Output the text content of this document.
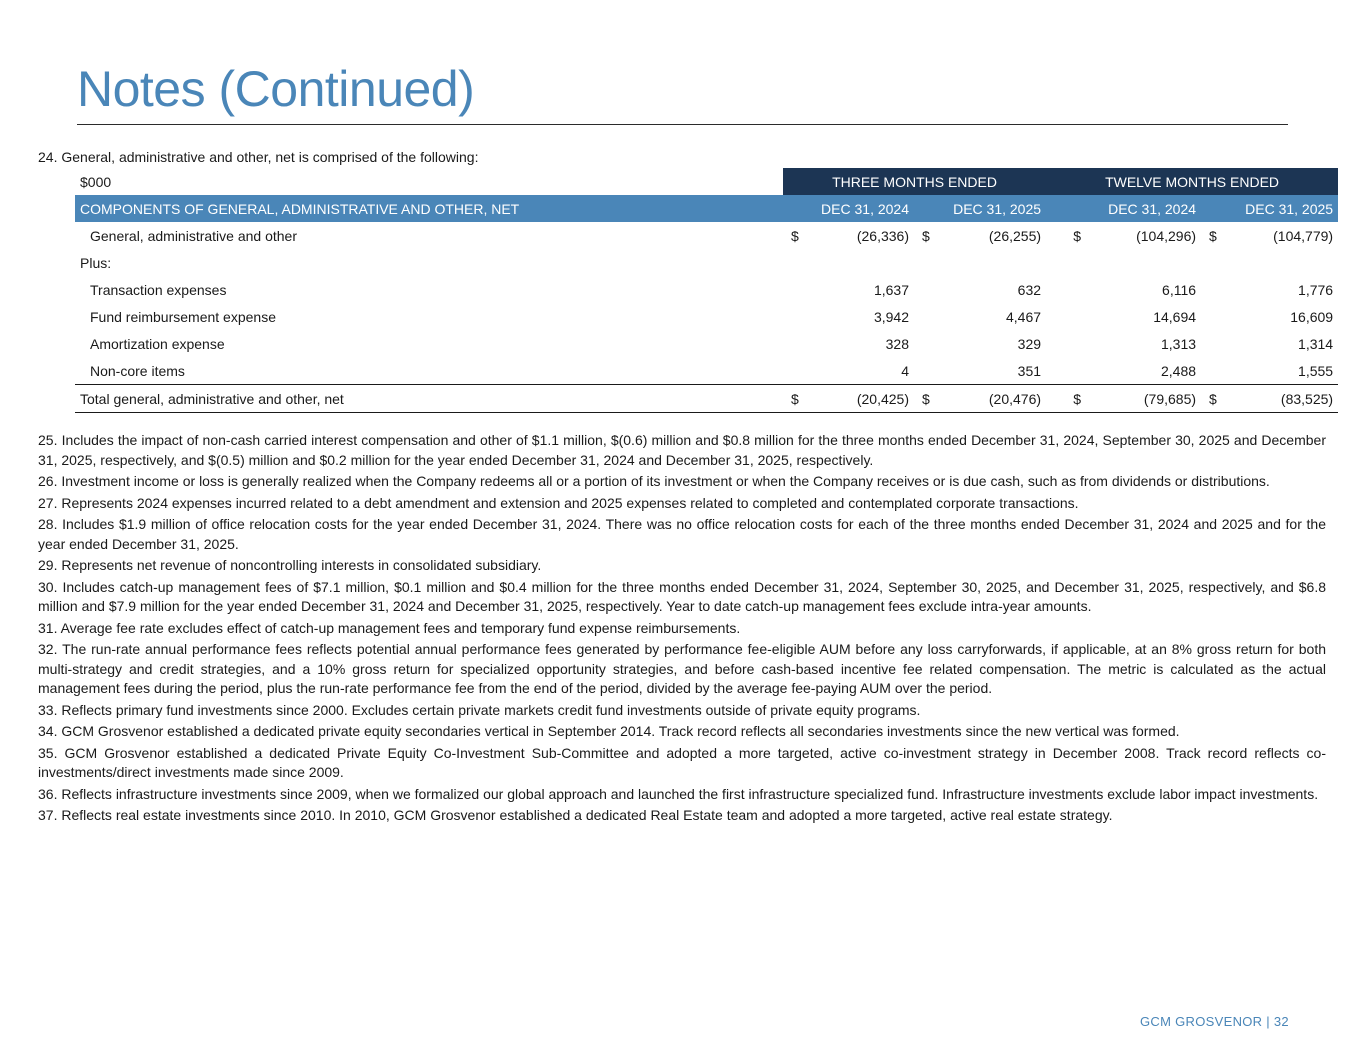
Notes (Continued)
24. General, administrative and other, net is comprised of the following:
$000	THREE MONTHS ENDED				TWELVE MONTHS ENDED			
COMPONENTS OF GENERAL, ADMINISTRATIVE AND OTHER, NET	DEC 31, 2024		DEC 31, 2025		DEC 31, 2024		DEC 31, 2025	
General, administrative and other	$	(26,336)	$	(26,255)	$	(104,296)	$	(104,779)
Plus:								
Transaction expenses		1,637		632		6,116		1,776
Fund reimbursement expense		3,942		4,467		14,694		16,609
Amortization expense		328		329		1,313		1,314
Non-core items		4		351		2,488		1,555
Total general, administrative and other, net	$	(20,425)	$	(20,476)	$	(79,685)	$	(83,525)

25. Includes the impact of non-cash carried interest compensation and other of $1.1 million, $(0.6) million and $0.8 million for the three months ended December 31, 2024, September 30, 2025 and December 31, 2025, respectively, and $(0.5) million and $0.2 million for the year ended December 31, 2024 and December 31, 2025, respectively.

26. Investment income or loss is generally realized when the Company redeems all or a portion of its investment or when the Company receives or is due cash, such as from dividends or distributions.

27. Represents 2024 expenses incurred related to a debt amendment and extension and 2025 expenses related to completed and contemplated corporate transactions.

28. Includes $1.9 million of office relocation costs for the year ended December 31, 2024. There was no office relocation costs for each of the three months ended December 31, 2024 and 2025 and for the year ended December 31, 2025.

29. Represents net revenue of noncontrolling interests in consolidated subsidiary.

30. Includes catch-up management fees of $7.1 million, $0.1 million and $0.4 million for the three months ended December 31, 2024, September 30, 2025, and December 31, 2025, respectively, and $6.8 million and $7.9 million for the year ended December 31, 2024 and December 31, 2025, respectively. Year to date catch-up management fees exclude intra-year amounts.

31. Average fee rate excludes effect of catch-up management fees and temporary fund expense reimbursements.

32. The run-rate annual performance fees reflects potential annual performance fees generated by performance fee-eligible AUM before any loss carryforwards, if applicable, at an 8% gross return for both multi-strategy and credit strategies, and a 10% gross return for specialized opportunity strategies, and before cash-based incentive fee related compensation. The metric is calculated as the actual management fees during the period, plus the run-rate performance fee from the end of the period, divided by the average fee-paying AUM over the period.

33. Reflects primary fund investments since 2000. Excludes certain private markets credit fund investments outside of private equity programs.

34. GCM Grosvenor established a dedicated private equity secondaries vertical in September 2014. Track record reflects all secondaries investments since the new vertical was formed.

35. GCM Grosvenor established a dedicated Private Equity Co-Investment Sub-Committee and adopted a more targeted, active co-investment strategy in December 2008. Track record reflects co-investments/direct investments made since 2009.

36. Reflects infrastructure investments since 2009, when we formalized our global approach and launched the first infrastructure specialized fund. Infrastructure investments exclude labor impact investments.

37. Reflects real estate investments since 2010. In 2010, GCM Grosvenor established a dedicated Real Estate team and adopted a more targeted, active real estate strategy.

GCM GROSVENOR | 32
